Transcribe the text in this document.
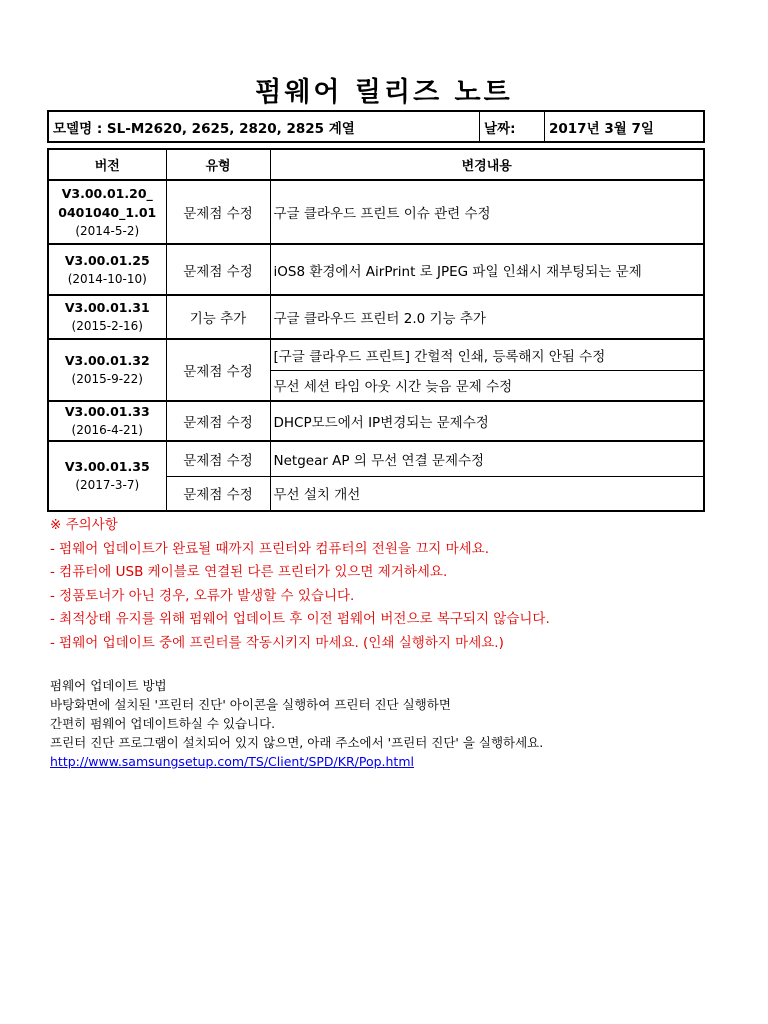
펌웨어 릴리즈 노트
모델명 : SL-M2620, 2625, 2820, 2825 계열	날짜:	2017년 3월 7일
버전	유형	변경내용

V3.00.01.20_
0401040_1.01
(2014-5-2)	문제점 수정	구글 클라우드 프린트 이슈 관련 수정

V3.00.01.25
(2014-10-10)	문제점 수정	iOS8 환경에서 AirPrint 로 JPEG 파일 인쇄시 재부팅되는 문제

V3.00.01.31
(2015-2-16)	기능 추가	구글 클라우드 프린터 2.0 기능 추가

V3.00.01.32
(2015-9-22)	문제점 수정	[구글 클라우드 프린트] 간헐적 인쇄, 등록해지 안됨 수정
		무선 세션 타임 아웃 시간 늦음 문제 수정

V3.00.01.33
(2016-4-21)	문제점 수정	DHCP모드에서 IP변경되는 문제수정

V3.00.01.35
(2017-3-7)	문제점 수정	Netgear AP 의 무선 연결 문제수정
	문제점 수정	무선 설치 개선
※ 주의사항
- 펌웨어 업데이트가 완료될 때까지 프린터와 컴퓨터의 전원을 끄지 마세요.
- 컴퓨터에 USB 케이블로 연결된 다른 프린터가 있으면 제거하세요.
- 정품토너가 아닌 경우, 오류가 발생할 수 있습니다.
- 최적상태 유지를 위해 펌웨어 업데이트 후 이전 펌웨어 버전으로 복구되지 않습니다.
- 펌웨어 업데이트 중에 프린터를 작동시키지 마세요. (인쇄 실행하지 마세요.)
펌웨어 업데이트 방법
바탕화면에 설치된 '프린터 진단' 아이콘을 실행하여 프린터 진단 실행하면
간편히 펌웨어 업데이트하실 수 있습니다.
프린터 진단 프로그램이 설치되어 있지 않으면, 아래 주소에서 '프린터 진단' 을 실행하세요.
http://www.samsungsetup.com/TS/Client/SPD/KR/Pop.html
